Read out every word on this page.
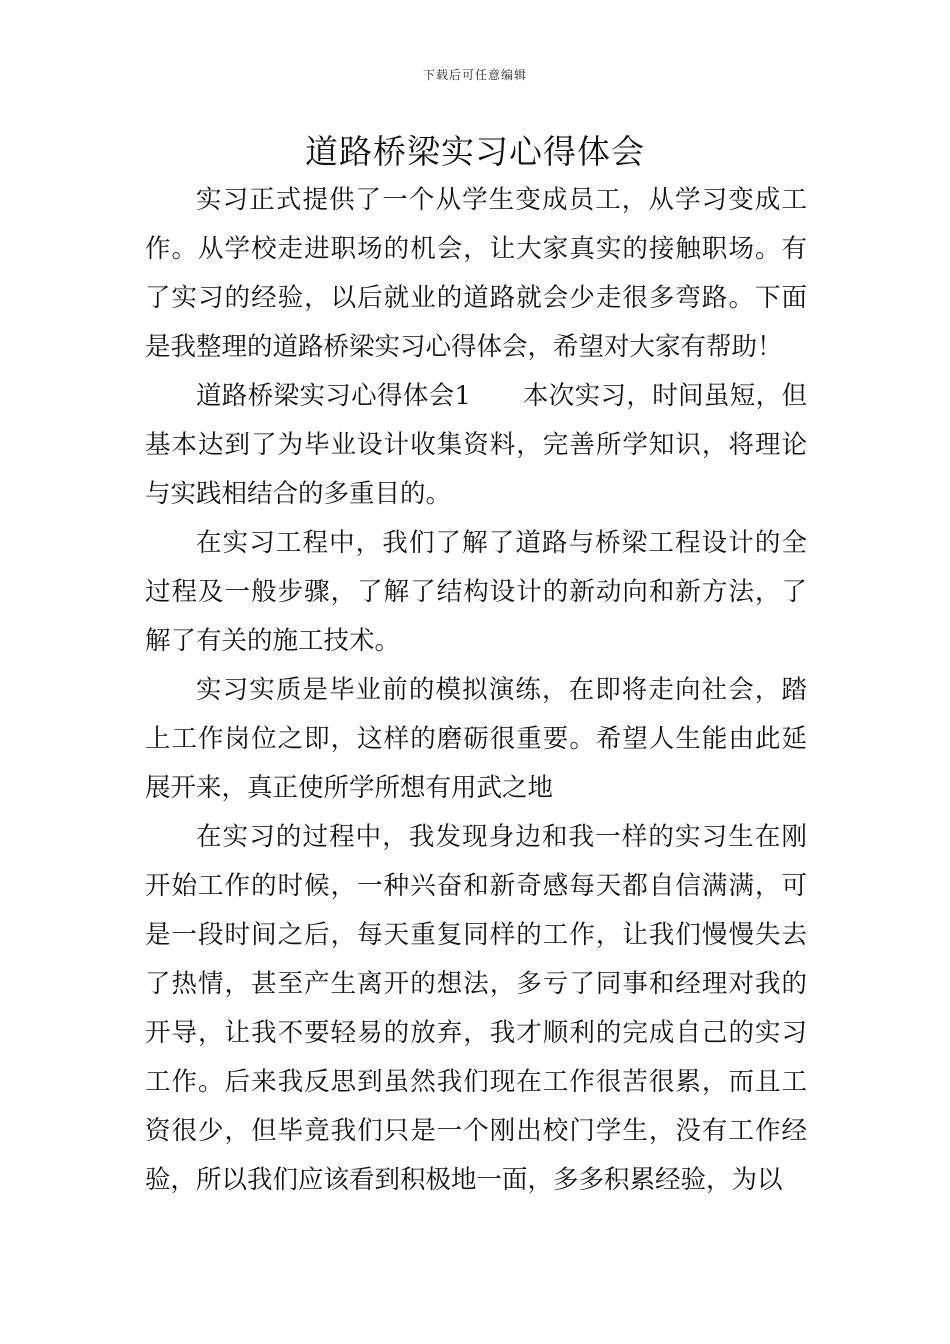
下载后可任意编辑
道路桥梁实习心得体会

实习正式提供了一个从学生变成员工，从学习变成工作。从学校走进职场的机会，让大家真实的接触职场。有了实习的经验，以后就业的道路就会少走很多弯路。下面是我整理的道路桥梁实习心得体会，希望对大家有帮助！

道路桥梁实习心得体会1　　本次实习，时间虽短，但基本达到了为毕业设计收集资料，完善所学知识，将理论与实践相结合的多重目的。

在实习工程中，我们了解了道路与桥梁工程设计的全过程及一般步骤，了解了结构设计的新动向和新方法，了解了有关的施工技术。

实习实质是毕业前的模拟演练，在即将走向社会，踏上工作岗位之即，这样的磨砺很重要。希望人生能由此延展开来，真正使所学所想有用武之地

在实习的过程中，我发现身边和我一样的实习生在刚开始工作的时候，一种兴奋和新奇感每天都自信满满，可是一段时间之后，每天重复同样的工作，让我们慢慢失去了热情，甚至产生离开的想法，多亏了同事和经理对我的开导，让我不要轻易的放弃，我才顺利的完成自己的实习工作。后来我反思到虽然我们现在工作很苦很累，而且工资很少，但毕竟我们只是一个刚出校门学生，没有工作经验，所以我们应该看到积极地一面，多多积累经验，为以
